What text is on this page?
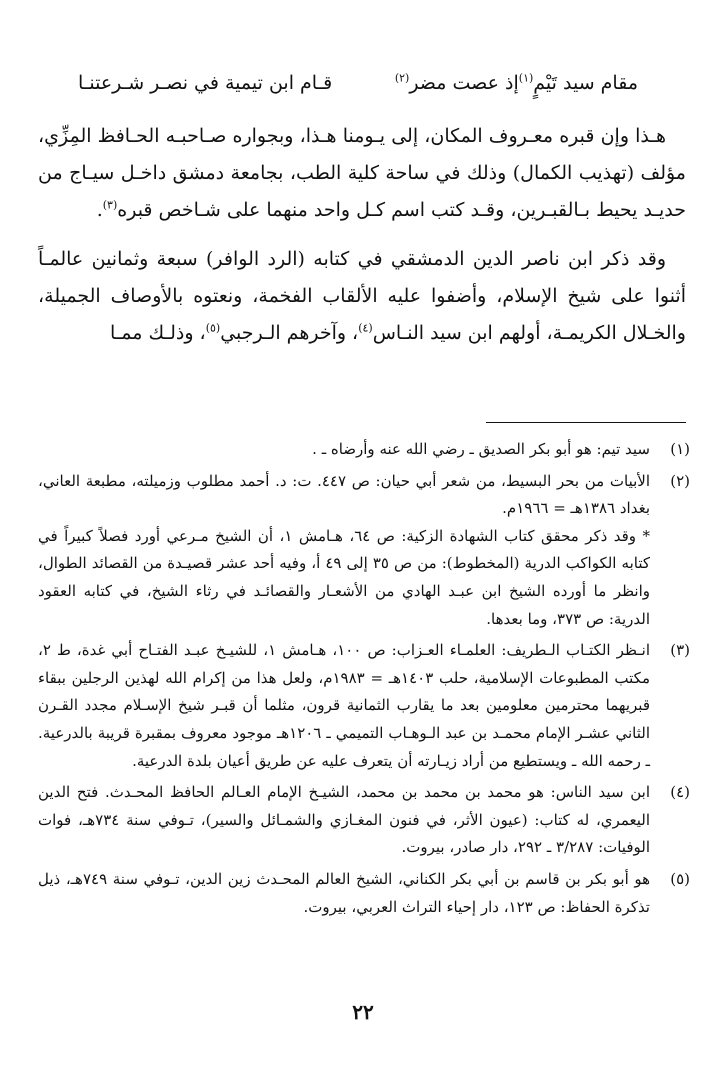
قـام ابن تيمية في نصـر شـرعتنـا	مقام سيد تَيْمٍ$^{(١)}$إذ عصت مضر$^{(٢)}$

هـذا وإن قبره معـروف المكان، إلى يـومنا هـذا، وبجواره صـاحبـه الحـافظ المِزِّي، مؤلف (تهذيب الكمال) وذلك في ساحة كلية الطب، بجامعة دمشق داخـل سيـاج من حديـد يحيط بـالقبـرين، وقـد كتب اسم كـل واحد منهما على شـاخص قبره$^{(٣)}$.

وقد ذكر ابن ناصر الدين الدمشقي في كتابه (الرد الوافر) سبعة وثمانين عالمـاً أثنوا على شيخ الإسلام، وأضفوا عليه الألقاب الفخمة، ونعتوه بالأوصاف الجميلة، والخـلال الكريمـة، أولهم ابن سيد النـاس$^{(٤)}$، وآخرهم الـرجبي$^{(٥)}$، وذلـك ممـا

(١)

سيد تيم: هو أبو بكر الصديق ـ رضي الله عنه وأرضاه ـ .

(٢)

الأبيات من بحر البسيط، من شعر أبي حيان: ص ٤٤٧. ت: د. أحمد مطلوب وزميلته، مطبعة العاني، بغداد ١٣٨٦هـ = ١٩٦٦م.

* وقد ذكر محقق كتاب الشهادة الزكية: ص ٦٤، هـامش ١، أن الشيخ مـرعي أورد فصلاً كبيراً في كتابه الكواكب الدرية (المخطوط): من ص ٣٥ إلى ٤٩ أ، وفيه أحد عشر قصيـدة من القصائد الطوال، وانظر ما أورده الشيخ ابن عبـد الهادي من الأشعـار والقصائـد في رثاء الشيخ، في كتابه العقود الدرية: ص ٣٧٣، وما بعدها.

(٣)

انـظر الكتـاب الـطريف: العلمـاء العـزاب: ص ١٠٠، هـامش ١، للشيـخ عبـد الفتـاح أبي غدة، ط ٢، مكتب المطبوعات الإسلامية، حلب ١٤٠٣هـ = ١٩٨٣م، ولعل هذا من إكرام الله لهذين الرجلين ببقاء قبريهما محترمين معلومين بعد ما يقارب الثمانية قرون، مثلما أن قبـر شيخ الإسـلام مجدد القـرن الثاني عشـر الإمام محمـد بن عبد الـوهـاب التميمي ـ ١٢٠٦هـ موجود معروف بمقبرة قريبة بالدرعية. ـ رحمه الله ـ ويستطيع من أراد زيـارته أن يتعرف عليه عن طريق أعيان بلدة الدرعية.

(٤)

ابن سيد الناس: هو محمد بن محمد بن محمد، الشيـخ الإمام العـالم الحافظ المحـدث. فتح الدين اليعمري، له كتاب: (عيون الأثر، في فنون المغـازي والشمـائل والسير)، تـوفي سنة ٧٣٤هـ، فوات الوفيات: ٣/٢٨٧ ـ ٢٩٢، دار صادر، بيروت.

(٥)

هو أبو بكر بن قاسم بن أبي بكر الكناني، الشيخ العالم المحـدث زين الدين، تـوفي سنة ٧٤٩هـ، ذيل تذكرة الحفاظ: ص ١٢٣، دار إحياء التراث العربي، بيروت.

٢٢
